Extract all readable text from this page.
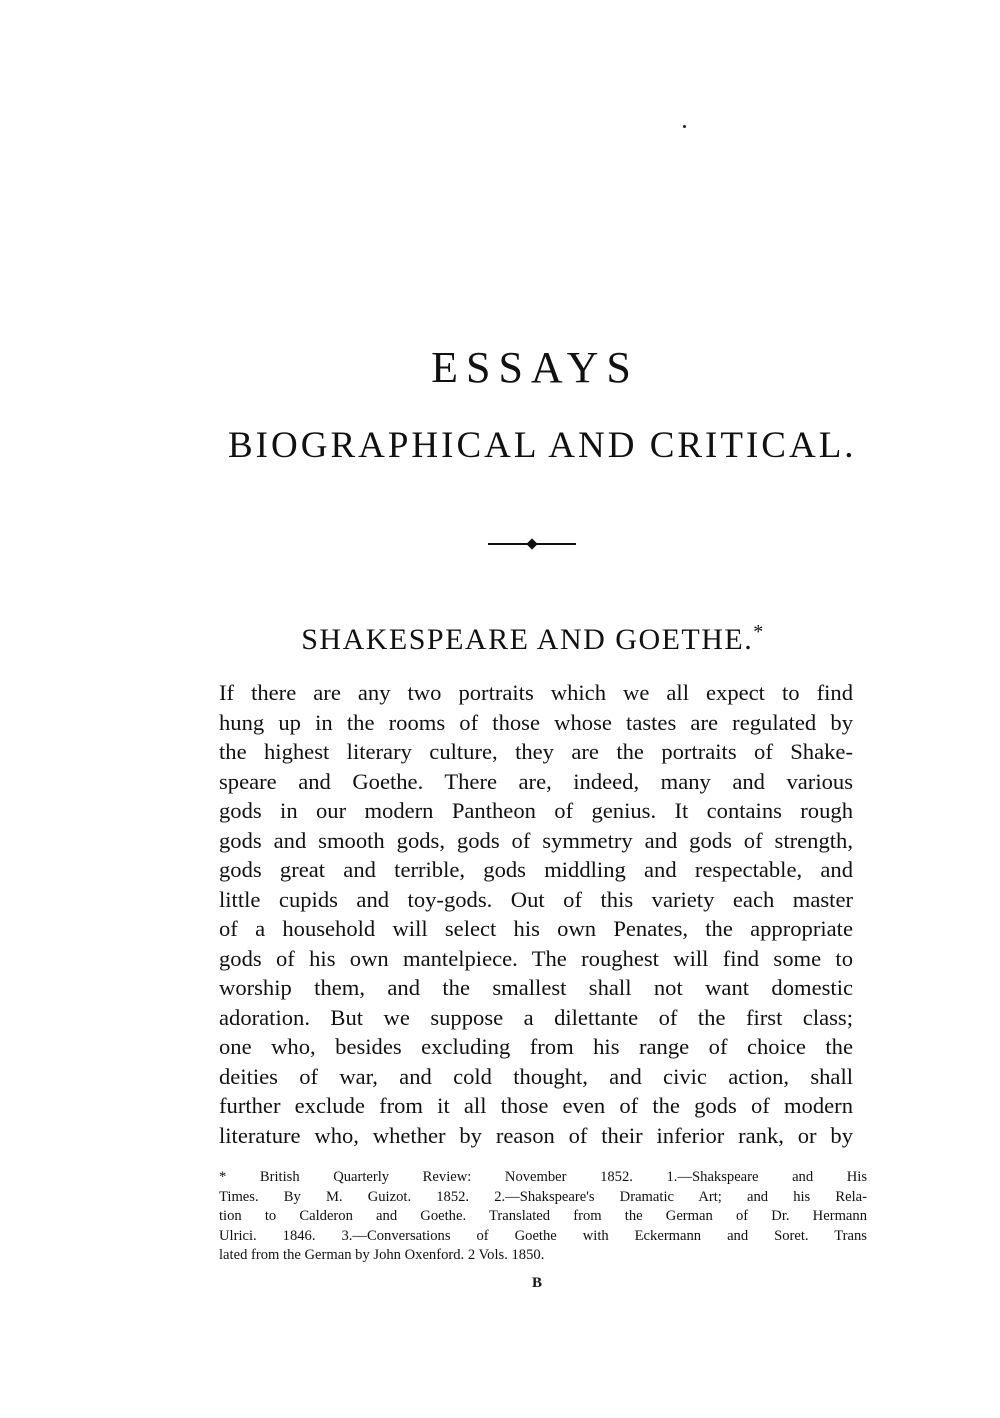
ESSAYS
BIOGRAPHICAL AND CRITICAL.
SHAKESPEARE AND GOETHE.*
If there are any two portraits which we all expect to find
hung up in the rooms of those whose tastes are regulated by
the highest literary culture, they are the portraits of Shake-
speare and Goethe. There are, indeed, many and various
gods in our modern Pantheon of genius. It contains rough
gods and smooth gods, gods of symmetry and gods of strength,
gods great and terrible, gods middling and respectable, and
little cupids and toy-gods. Out of this variety each master
of a household will select his own Penates, the appropriate
gods of his own mantelpiece. The roughest will find some to
worship them, and the smallest shall not want domestic
adoration. But we suppose a dilettante of the first class;
one who, besides excluding from his range of choice the
deities of war, and cold thought, and civic action, shall
further exclude from it all those even of the gods of modern
literature who, whether by reason of their inferior rank, or by
* British Quarterly Review: November 1852. 1.—Shakspeare and His
Times. By M. Guizot. 1852. 2.—Shakspeare's Dramatic Art; and his Rela-
tion to Calderon and Goethe. Translated from the German of Dr. Hermann
Ulrici. 1846. 3.—Conversations of Goethe with Eckermann and Soret. Trans
lated from the German by John Oxenford. 2 Vols. 1850.
B
